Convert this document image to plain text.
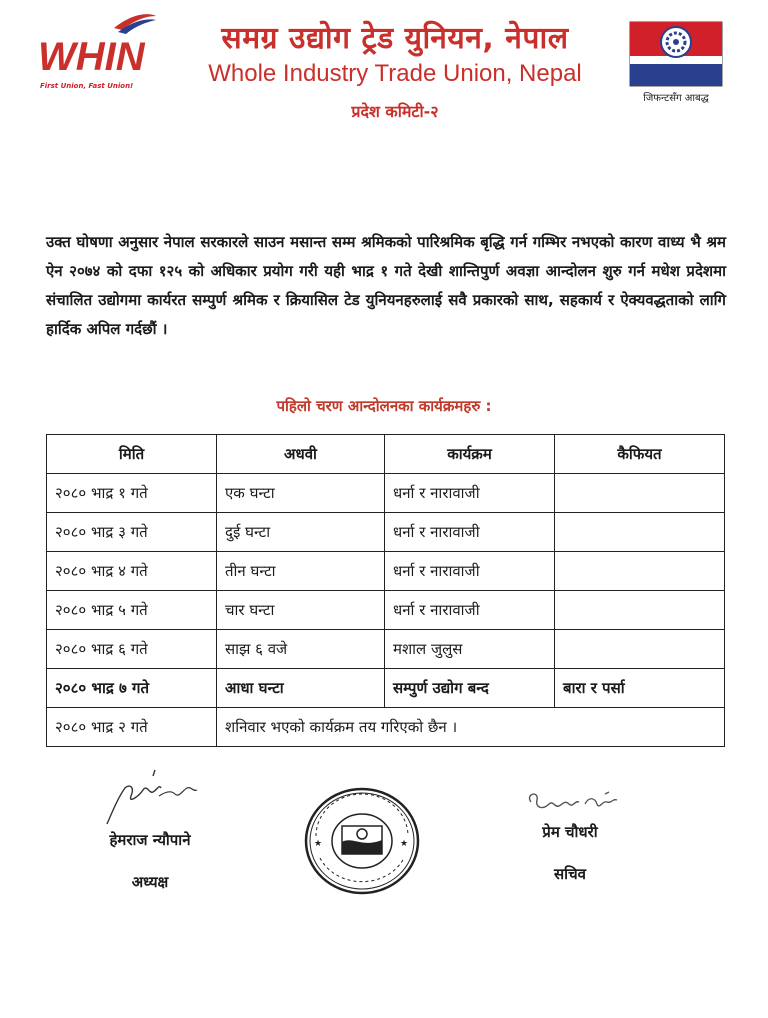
WHIN
First Union, Fast Union!
समग्र उद्योग ट्रेड युनियन, नेपाल
Whole Industry Trade Union, Nepal
प्रदेश कमिटी-२
जिफन्टसँग आबद्ध
उक्त घोषणा अनुसार नेपाल सरकारले साउन मसान्त सम्म श्रमिकको पारिश्रमिक बृद्धि गर्न गम्भिर नभएको कारण वाध्य भै श्रम ऐन २०७४ को दफा १२५ को अधिकार प्रयोग गरी यही भाद्र १ गते देखी शान्तिपुर्ण अवज्ञा आन्दोलन शुरु गर्न मधेश प्रदेशमा संचालित उद्योगमा कार्यरत सम्पुर्ण श्रमिक र क्रियासिल टेड युनियनहरुलाई सवै प्रकारको साथ, सहकार्य र ऐक्यवद्धताको लागि हार्दिक अपिल गर्दछौं ।
पहिलो चरण आन्दोलनका कार्यक्रमहरु :
मिति	अधवी	कार्यक्रम	कैफियत
२०८० भाद्र १ गते	एक घन्टा	धर्ना र नारावाजी	
२०८० भाद्र ३ गते	दुई घन्टा	धर्ना र नारावाजी	
२०८० भाद्र ४ गते	तीन घन्टा	धर्ना र नारावाजी	
२०८० भाद्र ५ गते	चार घन्टा	धर्ना र नारावाजी	
२०८० भाद्र ६ गते	साझ ६ वजे	मशाल जुलुस	
२०८० भाद्र ७ गते	आधा घन्टा	सम्पुर्ण उद्योग बन्द	बारा र पर्सा
२०८० भाद्र २ गते	शनिवार भएको कार्यक्रम तय गरिएको छैन ।		
हेमराज न्यौपाने
अध्यक्ष
★	★
प्रेम चौधरी
सचिव
